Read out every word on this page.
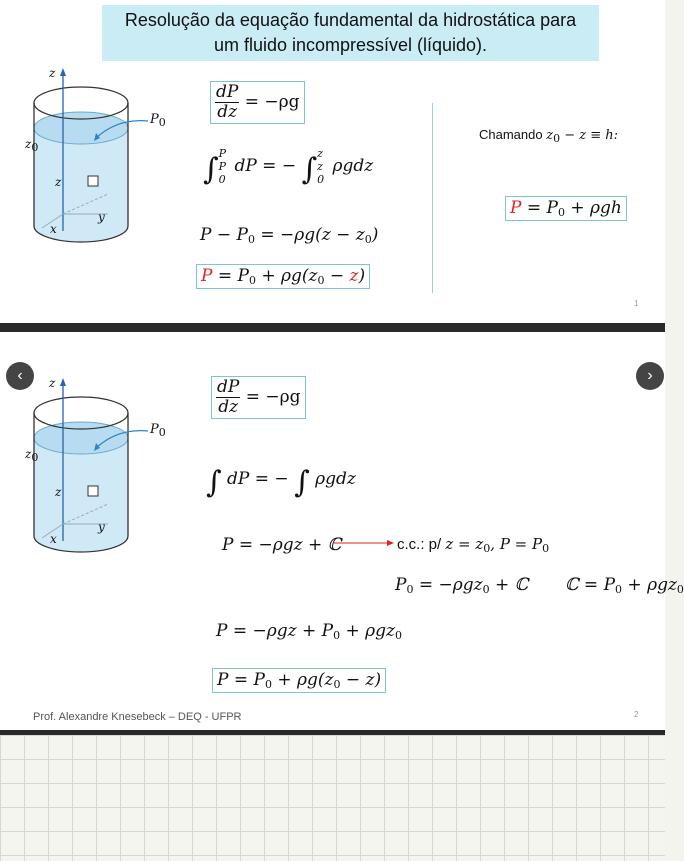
Resolução da equação fundamental da hidrostática para
um fluido incompressível (líquido).
z
z0
z
y
x
$P_0$
$\frac{dP}{dz} = -\rho g$
∫ P
P
0
dP = − ∫ z
z
0
ρgdz
$P - P_0 = -\rho g(z - z_0)$
$P = P_0 + \rho g(z_0 - z)$
Chamando $z_0 - z \equiv h$:
$P = P_0 + \rho gh$
1
‹	›
z
z0
z
y
x
$P_0$
$\frac{dP}{dz} = -\rho g$
∫ dP = − ∫ ρgdz
P = −ρgz + ℂ	c.c.: p/ $z = z_0$, $P = P_0$
$P_0 = -\rho gz_0$ + ℂ ℂ = $P_0 + \rho gz_0$
$P = -\rho gz + P_0 + \rho gz_0$
$P = P_0 + \rho g(z_0 - z)$
Prof. Alexandre Knesebeck – DEQ - UFPR	2
